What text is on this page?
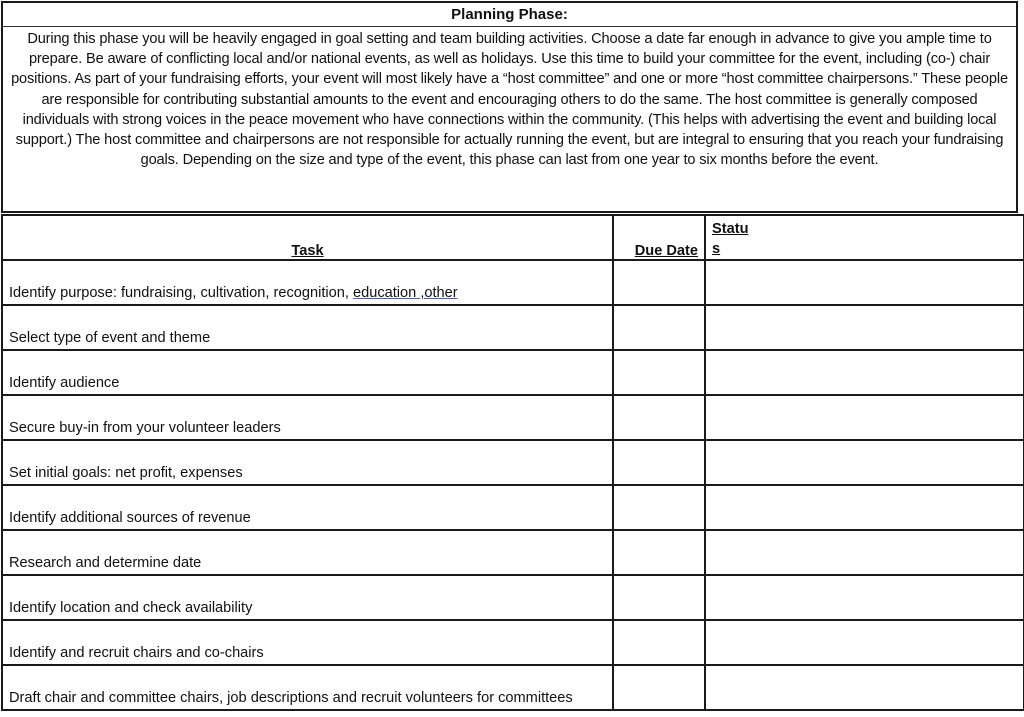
Planning Phase:
During this phase you will be heavily engaged in goal setting and team building activities. Choose a date far enough in advance to give you ample time to prepare. Be aware of conflicting local and/or national events, as well as holidays. Use this time to build your committee for the event, including (co-) chair positions. As part of your fundraising efforts, your event will most likely have a “host committee” and one or more “host committee chairpersons.” These people are responsible for contributing substantial amounts to the event and encouraging others to do the same. The host committee is generally composed individuals with strong voices in the peace movement who have connections within the community. (This helps with advertising the event and building local support.) The host committee and chairpersons are not responsible for actually running the event, but are integral to ensuring that you reach your fundraising goals. Depending on the size and type of the event, this phase can last from one year to six months before the event.
Task	Due Date	Statu
s
Identify purpose: fundraising, cultivation, recognition, education ,other		
Select type of event and theme		
Identify audience		
Secure buy-in from your volunteer leaders		
Set initial goals: net profit, expenses		
Identify additional sources of revenue		
Research and determine date		
Identify location and check availability		
Identify and recruit chairs and co-chairs		
Draft chair and committee chairs, job descriptions and recruit volunteers for committees		
